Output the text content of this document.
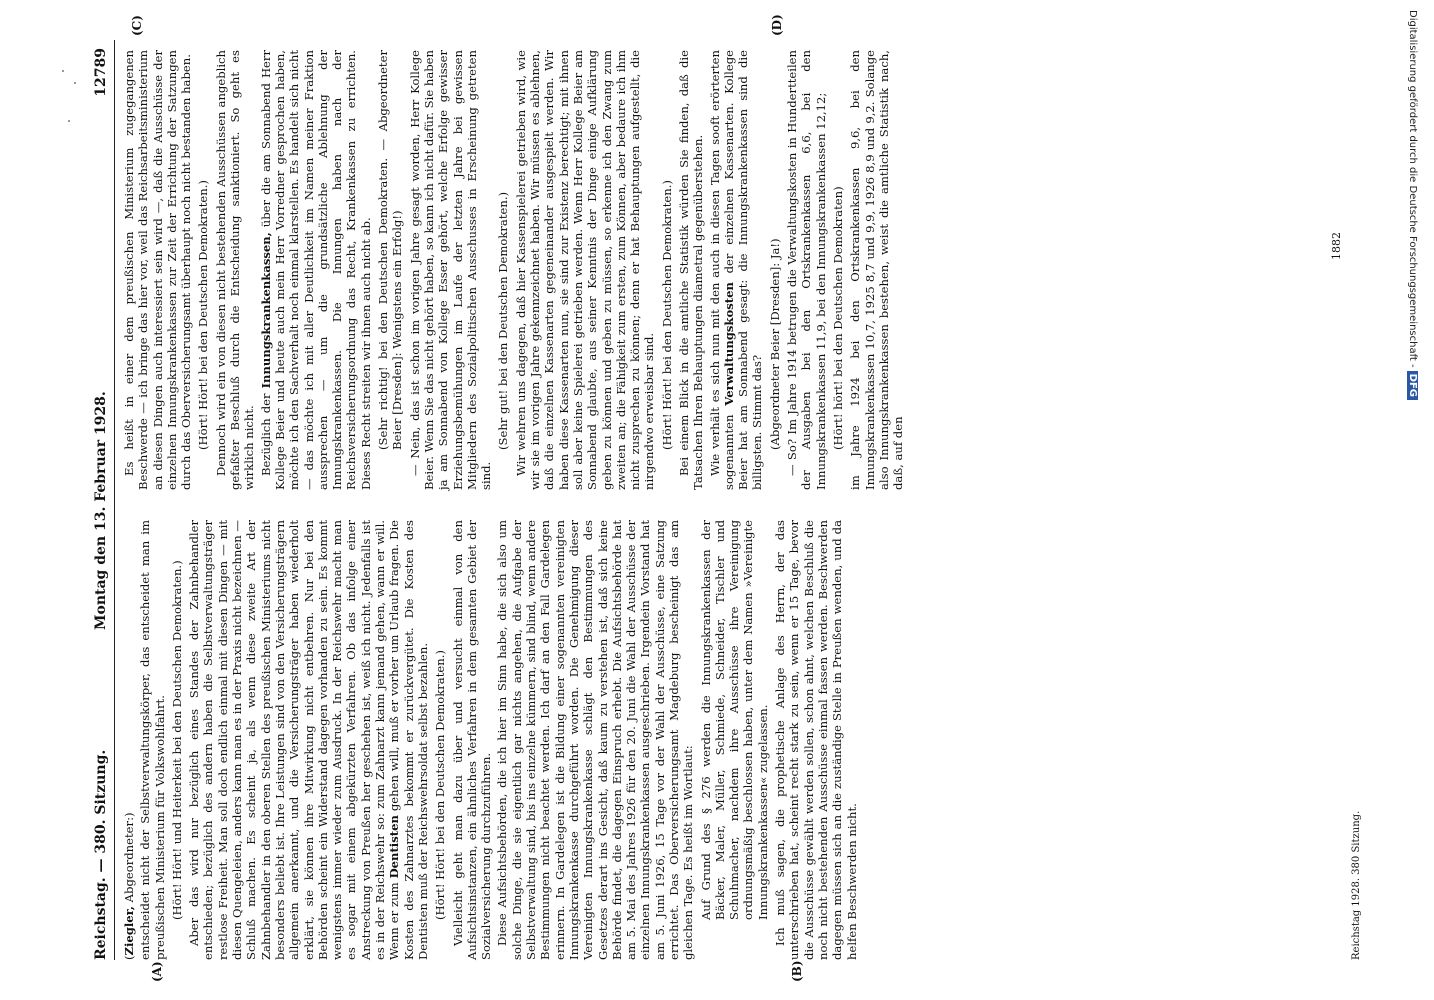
Reichstag. — 380. Sitzung.
Montag den 13. Februar 1928.
12789
(A)	(B)
(C)	(D)

(Ziegler, Abgeordneter:) entscheidet nicht der Selbstverwaltungskörper, das entscheidet man im preußischen Ministerium für Volkswohlfahrt. (Hört! Hört! und Heiterkeit bei den Deutschen Demokraten.) Aber das wird nur bezüglich eines Standes der Zahnbehandler entschieden; bezüglich des andern haben die Selbstverwaltungsträger restlose Freiheit. Man soll doch endlich einmal mit diesen Dingen — mit diesen Quengeleien, anders kann man es in der Praxis nicht bezeichnen — Schluß machen. Es scheint ja, als wenn diese zweite Art der Zahnbehandler in den oberen Stellen des preußischen Ministeriums nicht besonders beliebt ist. Ihre Leistungen sind von den Versicherungsträgern allgemein anerkannt, und die Versicherungsträger haben wiederholt erklärt, sie können ihre Mitwirkung nicht entbehren. Nur bei den Behörden scheint ein Widerstand dagegen vorhanden zu sein. Es kommt wenigstens immer wieder zum Ausdruck. In der Reichswehr macht man es sogar mit einem abgekürzten Verfahren. Ob das infolge einer Anstreckung von Preußen her geschehen ist, weiß ich nicht. Jedenfalls ist es in der Reichswehr so: zum Zahnarzt kann jemand gehen, wann er will. Wenn er zum Dentisten gehen will, muß er vorher um Urlaub fragen. Die Kosten des Zahnarztes bekommt er zurückvergütet. Die Kosten des Dentisten muß der Reichswehrsoldat selbst bezahlen. (Hört! Hört! bei den Deutschen Demokraten.) Vielleicht geht man dazu über und versucht einmal von den Aufsichtsinstanzen, ein ähnliches Verfahren in dem gesamten Gebiet der Sozialversicherung durchzuführen. Diese Aufsichtsbehörden, die ich hier im Sinn habe, die sich also um solche Dinge, die sie eigentlich gar nichts angehen, die Aufgabe der Selbstverwaltung sind, bis ins einzelne kümmern, sind blind, wenn andere Bestimmungen nicht beachtet werden. Ich darf an den Fall Gardelegen erinnern. In Gardelegen ist die Bildung einer sogenannten vereinigten Innungskrankenkasse durchgeführt worden. Die Genehmigung dieser Vereinigten Innungskrankenkasse schlägt den Bestimmungen des Gesetzes derart ins Gesicht, daß kaum zu verstehen ist, daß sich keine Behörde findet, die dagegen Einspruch erhebt. Die Aufsichtsbehörde hat am 5. Mai des Jahres 1926 für den 20. Juni die Wahl der Ausschüsse der einzelnen Innungskrankenkassen ausgeschrieben. Irgendein Vorstand hat am 5. Juni 1926, 15 Tage vor der Wahl der Ausschüsse, eine Satzung errichtet. Das Oberversicherungsamt Magdeburg bescheinigt das am gleichen Tage. Es heißt im Wortlaut: Auf Grund des § 276 werden die Innungskrankenkassen der Bäcker, Maler, Müller, Schmiede, Schneider, Tischler und Schuhmacher, nachdem ihre Ausschüsse ihre Vereinigung ordnungsmäßig beschlossen haben, unter dem Namen »Vereinigte Innungskrankenkassen« zugelassen. Ich muß sagen, die prophetische Anlage des Herrn, der das unterschrieben hat, scheint recht stark zu sein, wenn er 15 Tage, bevor die Ausschüsse gewählt werden sollen, schon ahnt, welchen Beschluß die noch nicht bestehenden Ausschüsse einmal fassen werden. Beschwerden dagegen müssen sich an die zuständige Stelle in Preußen wenden, und da helfen Beschwerden nicht.

Es heißt in einer dem preußischen Ministerium zugegangenen Beschwerde — ich bringe das hier vor, weil das Reichsarbeitsministerium an diesen Dingen auch interessiert sein wird —, daß die Ausschüsse der einzelnen Innungskrankenkassen zur Zeit der Errichtung der Satzungen durch das Oberversicherungsamt überhaupt noch nicht bestanden haben. (Hört! Hört! bei den Deutschen Demokraten.) Dennoch wird ein von diesen nicht bestehenden Ausschüssen angeblich gefaßter Beschluß durch die Entscheidung sanktioniert. So geht es wirklich nicht. Bezüglich der Innungskrankenkassen, über die am Sonnabend Herr Kollege Beier und heute auch mein Herr Vorredner gesprochen haben, möchte ich den Sachverhalt noch einmal klarstellen. Es handelt sich nicht — das möchte ich mit aller Deutlichkeit im Namen meiner Fraktion aussprechen — um die grundsätzliche Ablehnung der Innungskrankenkassen. Die Innungen haben nach der Reichsversicherungsordnung das Recht, Krankenkassen zu errichten. Dieses Recht streiten wir ihnen auch nicht ab. (Sehr richtig! bei den Deutschen Demokraten. — Abgeordneter Beier [Dresden]: Wenigstens ein Erfolg!) — Nein, das ist schon im vorigen Jahre gesagt worden, Herr Kollege Beier. Wenn Sie das nicht gehört haben, so kann ich nicht dafür. Sie haben ja am Sonnabend von Kollege Esser gehört, welche Erfolge gewisser Erziehungsbemühungen im Laufe der letzten Jahre bei gewissen Mitgliedern des Sozialpolitischen Ausschusses in Erscheinung getreten sind.

(Sehr gut! bei den Deutschen Demokraten.) Wir wehren uns dagegen, daß hier Kassenspielerei getrieben wird, wie wir sie im vorigen Jahre gekennzeichnet haben. Wir müssen es ablehnen, daß die einzelnen Kassenarten gegeneinander ausgespielt werden. Wir haben diese Kassenarten nun, sie sind zur Existenz berechtigt; mit ihnen soll aber keine Spielerei getrieben werden. Wenn Herr Kollege Beier am Sonnabend glaubte, aus seiner Kenntnis der Dinge einige Aufklärung geben zu können und geben zu müssen, so erkenne ich den Zwang zum zweiten an; die Fähigkeit zum ersten, zum Können, aber bedaure ich ihm nicht zusprechen zu können; denn er hat Behauptungen aufgestellt, die nirgendwo erweisbar sind. (Hört! Hört! bei den Deutschen Demokraten.) Bei einem Blick in die amtliche Statistik würden Sie finden, daß die Tatsachen Ihren Behauptungen diametral gegenüberstehen. Wie verhält es sich nun mit den auch in diesen Tagen sooft erörterten sogenannten Verwaltungskosten der einzelnen Kassenarten. Kollege Beier hat am Sonnabend gesagt: die Innungskrankenkassen sind die billigsten. Stimmt das? (Abgeordneter Beier [Dresden]: Ja!) — So? Im Jahre 1914 betrugen die Verwaltungskosten in Hundertteilen der Ausgaben bei den Ortskrankenkassen 6,6, bei den Innungskrankenkassen 11,9, bei den Innungskrankenkassen 12,12; (Hört! hört! bei den Deutschen Demokraten) im Jahre 1924 bei den Ortskrankenkassen 9,6, bei den Innungskrankenkassen 10,7, 1925 8,7 und 9,9, 1926 8,9 und 9,2. Solange also Innungskrankenkassen bestehen, weist die amtliche Statistik nach, daß, auf den

Reichstag 1928. 380 Sitzung.
1882	Digitalisierung gefördert durch die Deutsche Forschungsgemeinschaft -DFG
